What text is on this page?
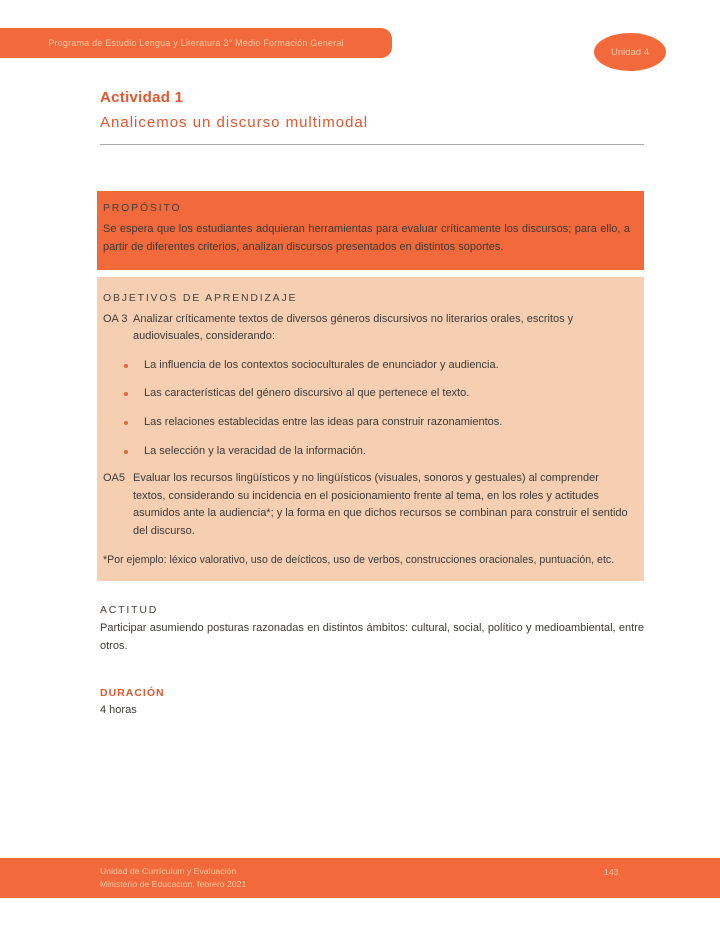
Programa de Estudio Lengua y Literatura 3° Medio Formación General
Unidad 4
Actividad 1
Analicemos un discurso multimodal
PROPÓSITO

Se espera que los estudiantes adquieran herramientas para evaluar críticamente los discursos; para ello, a partir de diferentes criterios, analizan discursos presentados en distintos soportes.

OBJETIVOS DE APRENDIZAJE
OA 3 Analizar críticamente textos de diversos géneros discursivos no literarios orales, escritos y audiovisuales, considerando:
La influencia de los contextos socioculturales de enunciador y audiencia.
Las características del género discursivo al que pertenece el texto.
Las relaciones establecidas entre las ideas para construir razonamientos.
La selección y la veracidad de la información.
OA5 Evaluar los recursos lingüísticos y no lingüísticos (visuales, sonoros y gestuales) al comprender textos, considerando su incidencia en el posicionamiento frente al tema, en los roles y actitudes asumidos ante la audiencia*; y la forma en que dichos recursos se combinan para construir el sentido del discurso.

*Por ejemplo: léxico valorativo, uso de deícticos, uso de verbos, construcciones oracionales, puntuación, etc.

ACTITUD

Participar asumiendo posturas razonadas en distintos ámbitos: cultural, social, político y medioambiental, entre otros.

DURACIÓN

4 horas

Unidad de Currículum y Evaluación
Ministerio de Educación, febrero 2021
143
